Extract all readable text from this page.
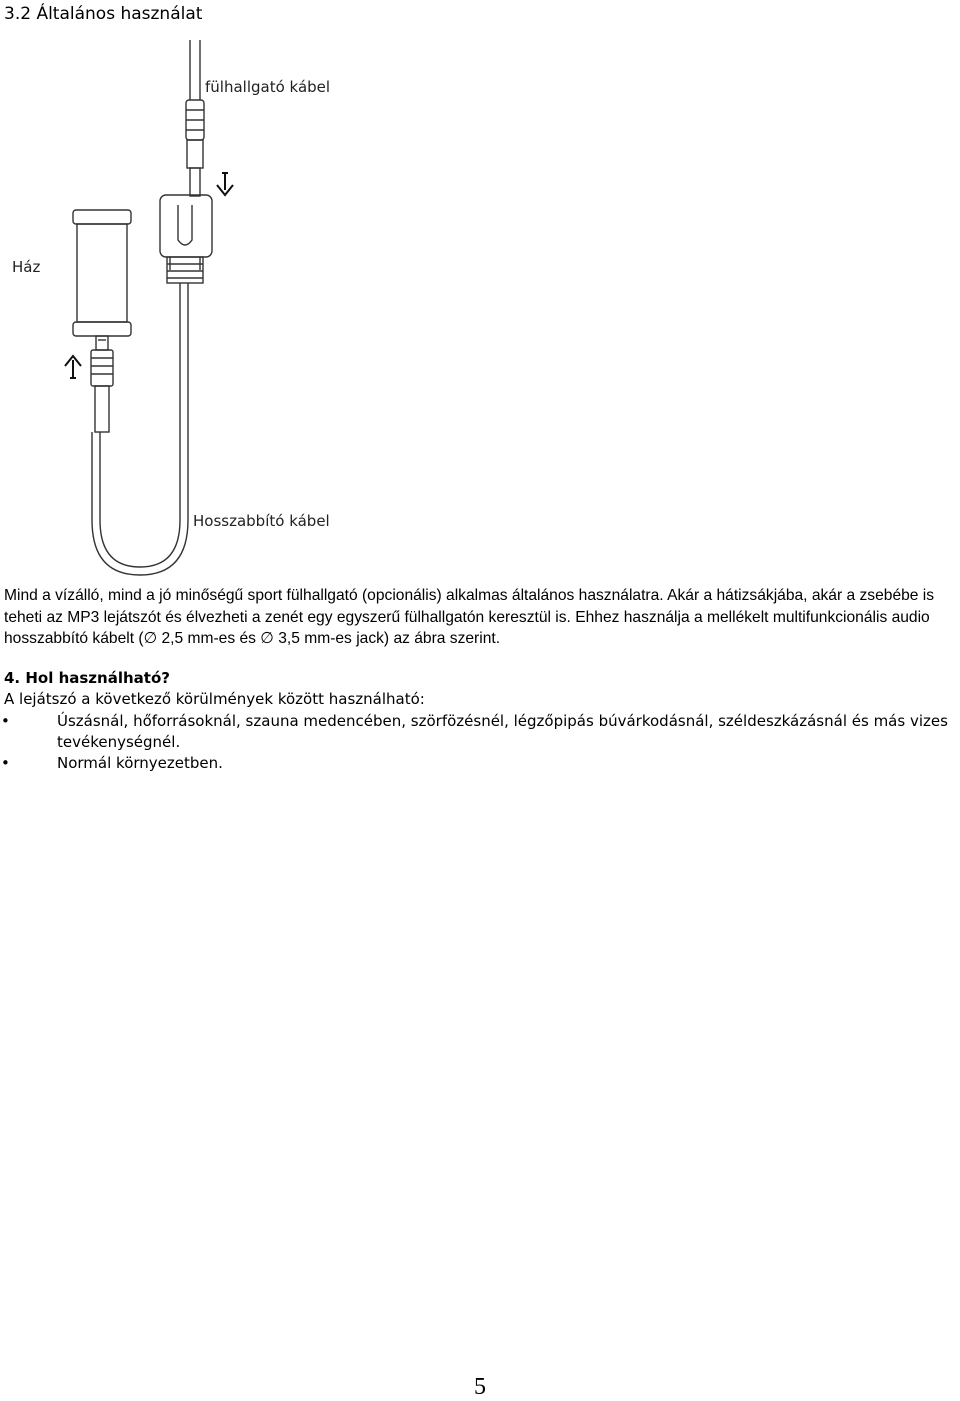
3.2 Általános használat
fülhallgató kábel
Ház
Hosszabbító kábel
Mind a vízálló, mind a jó minőségű sport fülhallgató (opcionális) alkalmas általános használatra. Akár a hátizsákjába, akár a zsebébe is teheti az MP3 lejátszót és élvezheti a zenét egy egyszerű fülhallgatón keresztül is. Ehhez használja a mellékelt multifunkcionális audio hosszabbító kábelt (∅ 2,5 mm-es és ∅ 3,5 mm-es jack) az ábra szerint.
4. Hol használható?
A lejátszó a következő körülmények között használható:
•	Úszásnál, hőforrásoknál, szauna medencében, szörfözésnél, légzőpipás búvárkodásnál, széldeszkázásnál és más vizes tevékenységnél.
•	Normál környezetben.
5
